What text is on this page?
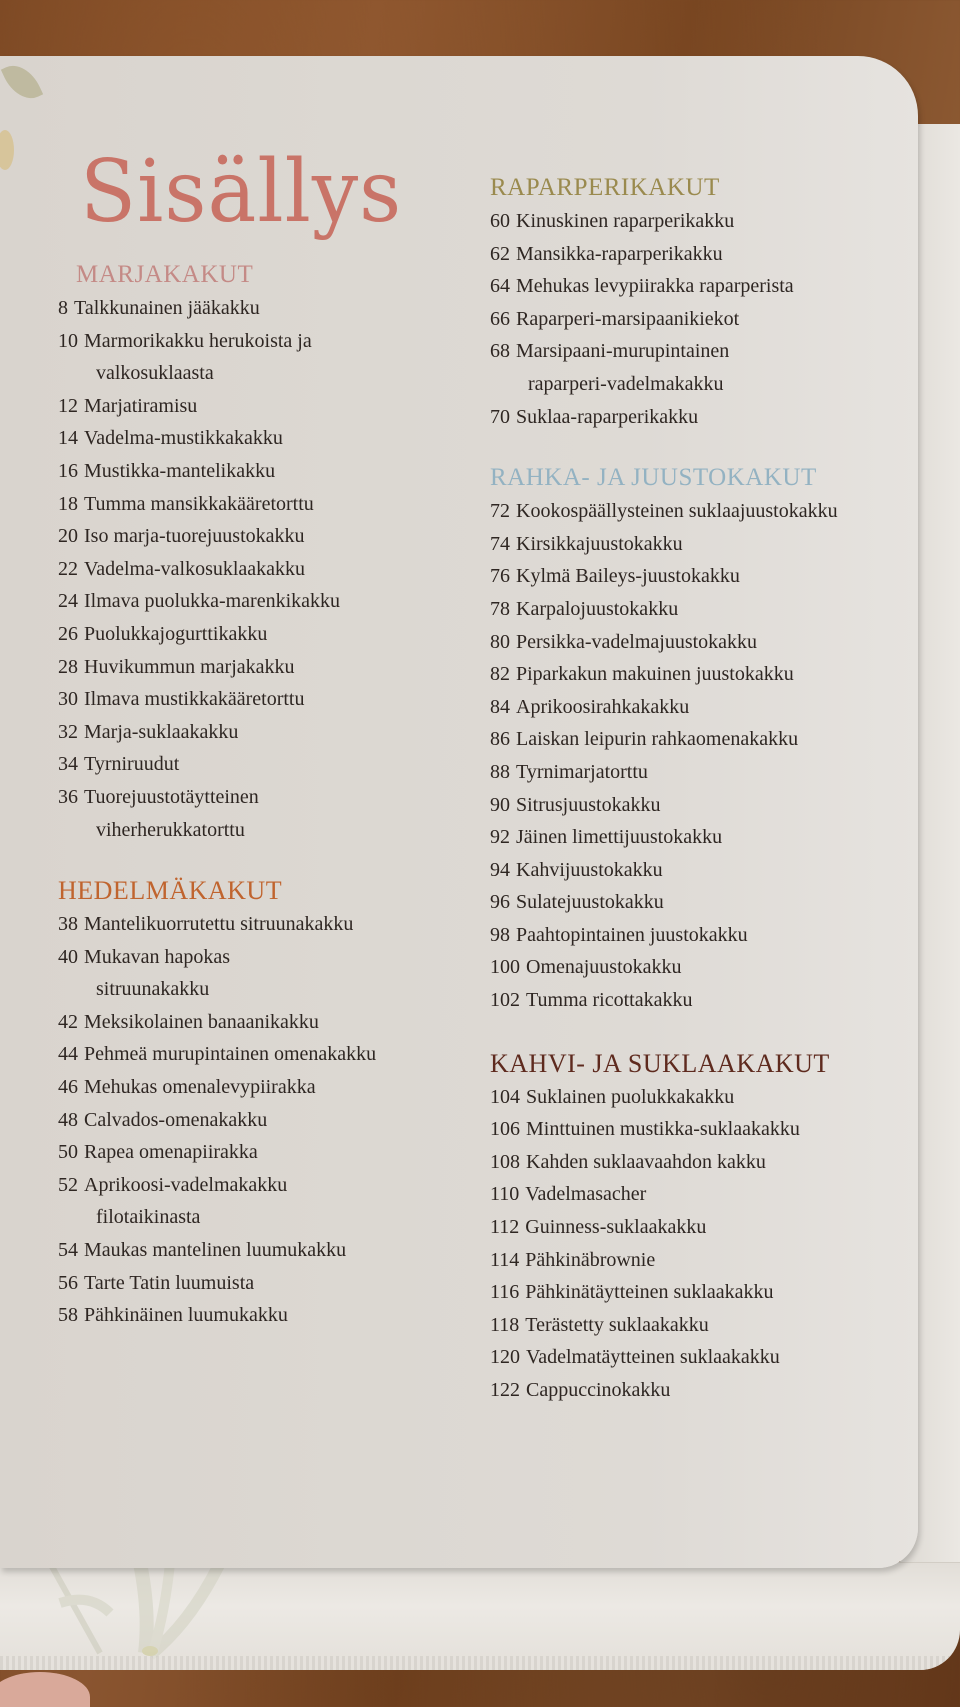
Sisällys
MARJAKAKUT
8 Talkkunainen jääkakku
10 Marmorikakku herukoista ja
valkosuklaasta
12 Marjatiramisu
14 Vadelma-mustikkakakku
16 Mustikka-mantelikakku
18 Tumma mansikkakääretorttu
20 Iso marja-tuorejuustokakku
22 Vadelma-valkosuklaakakku
24 Ilmava puolukka-marenkikakku
26 Puolukkajogurttikakku
28 Huvikummun marjakakku
30 Ilmava mustikkakääretorttu
32 Marja-suklaakakku
34 Tyrniruudut
36 Tuorejuustotäytteinen
viherherukkatorttu
HEDELMÄKAKUT
38 Mantelikuorrutettu sitruunakakku
40 Mukavan hapokas
sitruunakakku
42 Meksikolainen banaanikakku
44 Pehmeä murupintainen omenakakku
46 Mehukas omenalevypiirakka
48 Calvados-omenakakku
50 Rapea omenapiirakka
52 Aprikoosi-vadelmakakku
filotaikinasta
54 Maukas mantelinen luumukakku
56 Tarte Tatin luumuista
58 Pähkinäinen luumukakku
RAPARPERIKAKUT
60 Kinuskinen raparperikakku
62 Mansikka-raparperikakku
64 Mehukas levypiirakka raparperista
66 Raparperi-marsipaanikiekot
68 Marsipaani-murupintainen
raparperi-vadelmakakku
70 Suklaa-raparperikakku
RAHKA- JA JUUSTOKAKUT
72 Kookospäällysteinen suklaajuustokakku
74 Kirsikkajuustokakku
76 Kylmä Baileys-juustokakku
78 Karpalojuustokakku
80 Persikka-vadelmajuustokakku
82 Piparkakun makuinen juustokakku
84 Aprikoosirahkakakku
86 Laiskan leipurin rahkaomenakakku
88 Tyrnimarjatorttu
90 Sitrusjuustokakku
92 Jäinen limettijuustokakku
94 Kahvijuustokakku
96 Sulatejuustokakku
98 Paahtopintainen juustokakku
100 Omenajuustokakku
102 Tumma ricottakakku
KAHVI- JA SUKLAAKAKUT
104 Suklainen puolukkakakku
106 Minttuinen mustikka-suklaakakku
108 Kahden suklaavaahdon kakku
110 Vadelmasacher
112 Guinness-suklaakakku
114 Pähkinäbrownie
116 Pähkinätäytteinen suklaakakku
118 Terästetty suklaakakku
120 Vadelmatäytteinen suklaakakku
122 Cappuccinokakku
